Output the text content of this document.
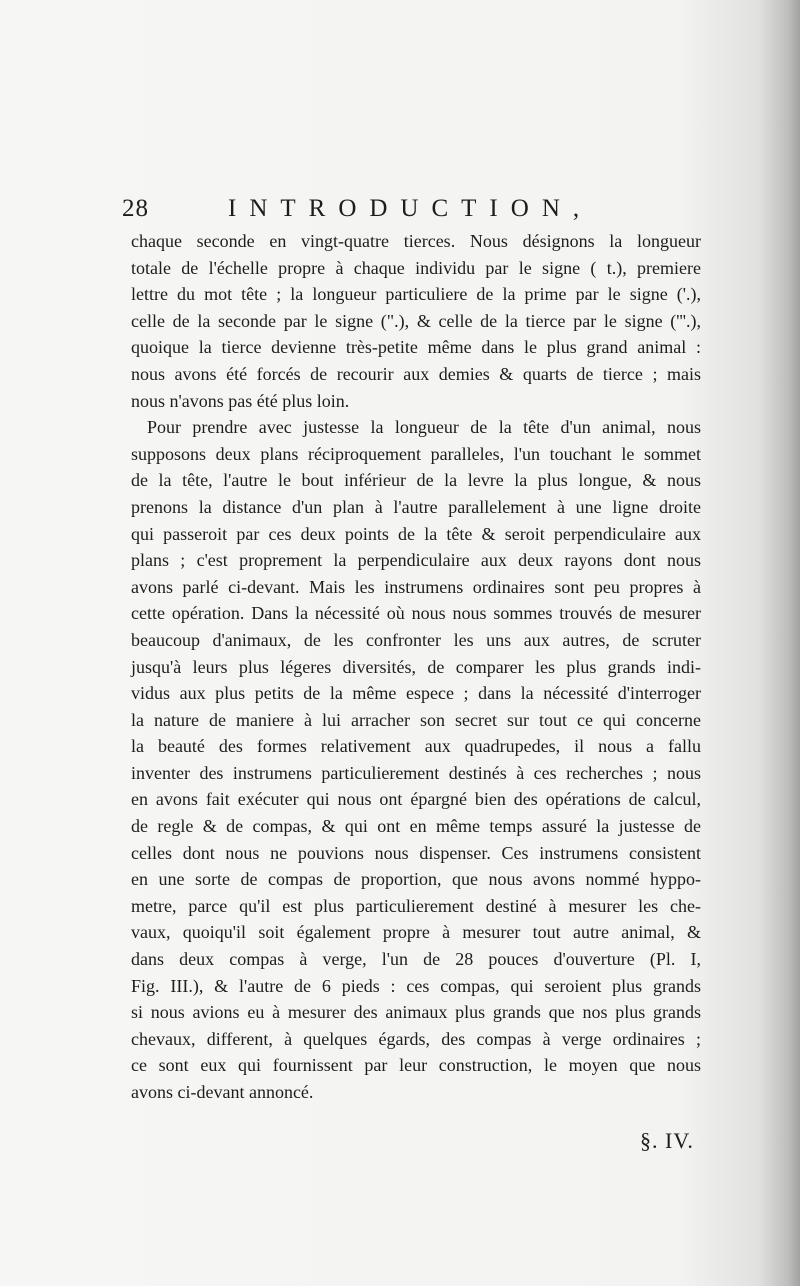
28	INTRODUCTION,
chaque seconde en vingt-quatre tierces. Nous désignons la longueur
totale de l'échelle propre à chaque individu par le signe ( t.), premiere
lettre du mot tête ; la longueur particuliere de la prime par le signe ('.),
celle de la seconde par le signe (".), & celle de la tierce par le signe ('''.),
quoique la tierce devienne très-petite même dans le plus grand animal :
nous avons été forcés de recourir aux demies & quarts de tierce ; mais
nous n'avons pas été plus loin.
Pour prendre avec justesse la longueur de la tête d'un animal, nous
supposons deux plans réciproquement paralleles, l'un touchant le sommet
de la tête, l'autre le bout inférieur de la levre la plus longue, & nous
prenons la distance d'un plan à l'autre parallelement à une ligne droite
qui passeroit par ces deux points de la tête & seroit perpendiculaire aux
plans ; c'est proprement la perpendiculaire aux deux rayons dont nous
avons parlé ci-devant. Mais les instrumens ordinaires sont peu propres à
cette opération. Dans la nécessité où nous nous sommes trouvés de mesurer
beaucoup d'animaux, de les confronter les uns aux autres, de scruter
jusqu'à leurs plus légeres diversités, de comparer les plus grands indi-
vidus aux plus petits de la même espece ; dans la nécessité d'interroger
la nature de maniere à lui arracher son secret sur tout ce qui concerne
la beauté des formes relativement aux quadrupedes, il nous a fallu
inventer des instrumens particulierement destinés à ces recherches ; nous
en avons fait exécuter qui nous ont épargné bien des opérations de calcul,
de regle & de compas, & qui ont en même temps assuré la justesse de
celles dont nous ne pouvions nous dispenser. Ces instrumens consistent
en une sorte de compas de proportion, que nous avons nommé hyppo-
metre, parce qu'il est plus particulierement destiné à mesurer les che-
vaux, quoiqu'il soit également propre à mesurer tout autre animal, &
dans deux compas à verge, l'un de 28 pouces d'ouverture (Pl. I,
Fig. III.), & l'autre de 6 pieds : ces compas, qui seroient plus grands
si nous avions eu à mesurer des animaux plus grands que nos plus grands
chevaux, different, à quelques égards, des compas à verge ordinaires ;
ce sont eux qui fournissent par leur construction, le moyen que nous
avons ci-devant annoncé.
§. IV.
